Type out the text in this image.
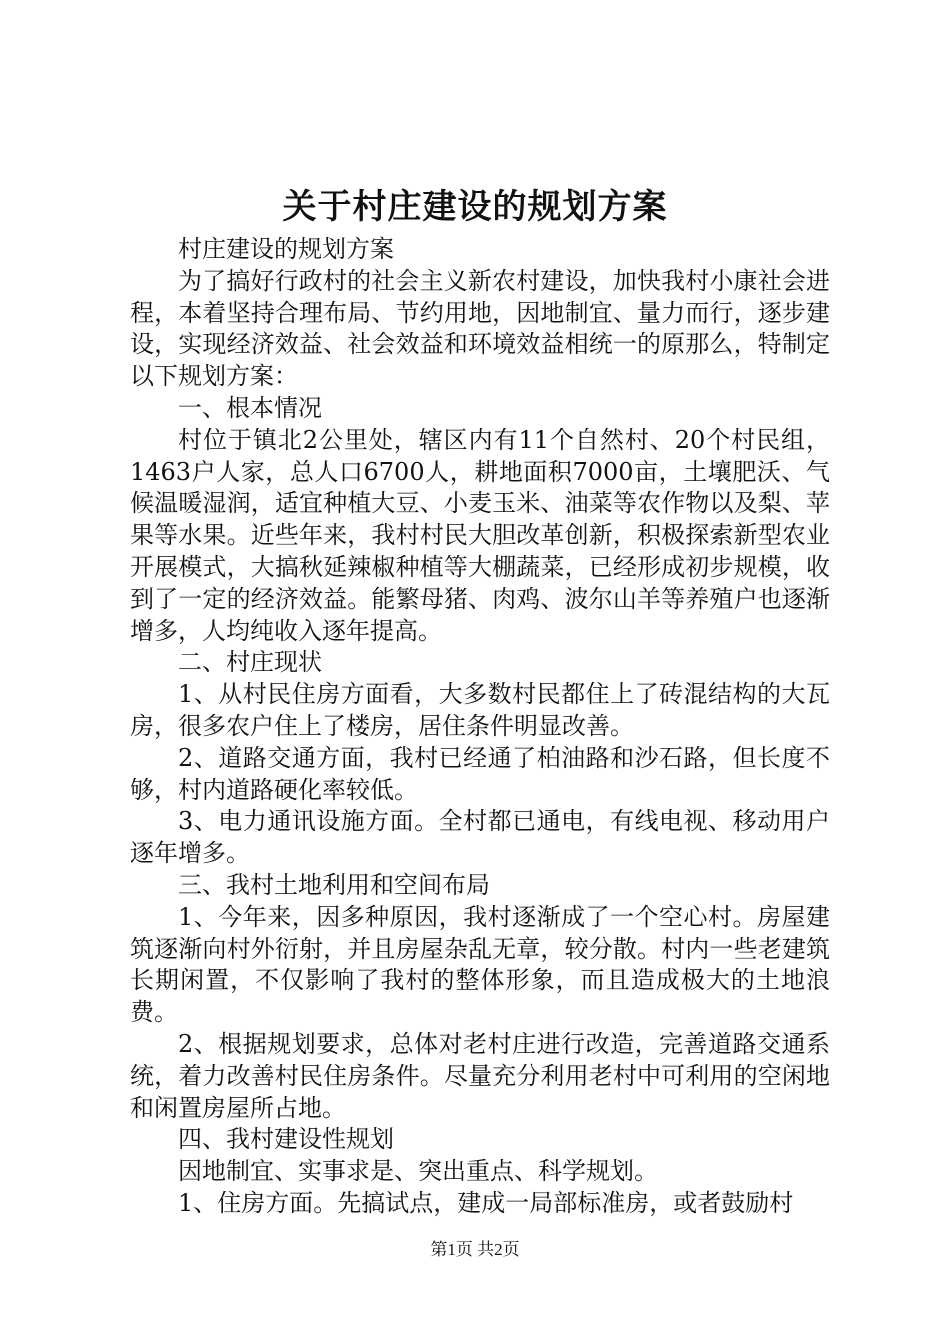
关于村庄建设的规划方案

村庄建设的规划方案

为了搞好行政村的社会主义新农村建设，加快我村小康社会进程，本着坚持合理布局、节约用地，因地制宜、量力而行，逐步建设，实现经济效益、社会效益和环境效益相统一的原那么，特制定以下规划方案：

一、根本情况

村位于镇北2公里处，辖区内有11个自然村、20个村民组，1463户人家，总人口6700人，耕地面积7000亩，土壤肥沃、气候温暖湿润，适宜种植大豆、小麦玉米、油菜等农作物以及梨、苹果等水果。近些年来，我村村民大胆改革创新，积极探索新型农业开展模式，大搞秋延辣椒种植等大棚蔬菜，已经形成初步规模，收到了一定的经济效益。能繁母猪、肉鸡、波尔山羊等养殖户也逐渐增多，人均纯收入逐年提高。

二、村庄现状

1、从村民住房方面看，大多数村民都住上了砖混结构的大瓦房，很多农户住上了楼房，居住条件明显改善。

2、道路交通方面，我村已经通了柏油路和沙石路，但长度不够，村内道路硬化率较低。

3、电力通讯设施方面。全村都已通电，有线电视、移动用户逐年增多。

三、我村土地利用和空间布局

1、今年来，因多种原因，我村逐渐成了一个空心村。房屋建筑逐渐向村外衍射，并且房屋杂乱无章，较分散。村内一些老建筑长期闲置，不仅影响了我村的整体形象，而且造成极大的土地浪费。

2、根据规划要求，总体对老村庄进行改造，完善道路交通系统，着力改善村民住房条件。尽量充分利用老村中可利用的空闲地和闲置房屋所占地。

四、我村建设性规划

因地制宜、实事求是、突出重点、科学规划。

1、住房方面。先搞试点，建成一局部标准房，或者鼓励村

第1页 共2页
